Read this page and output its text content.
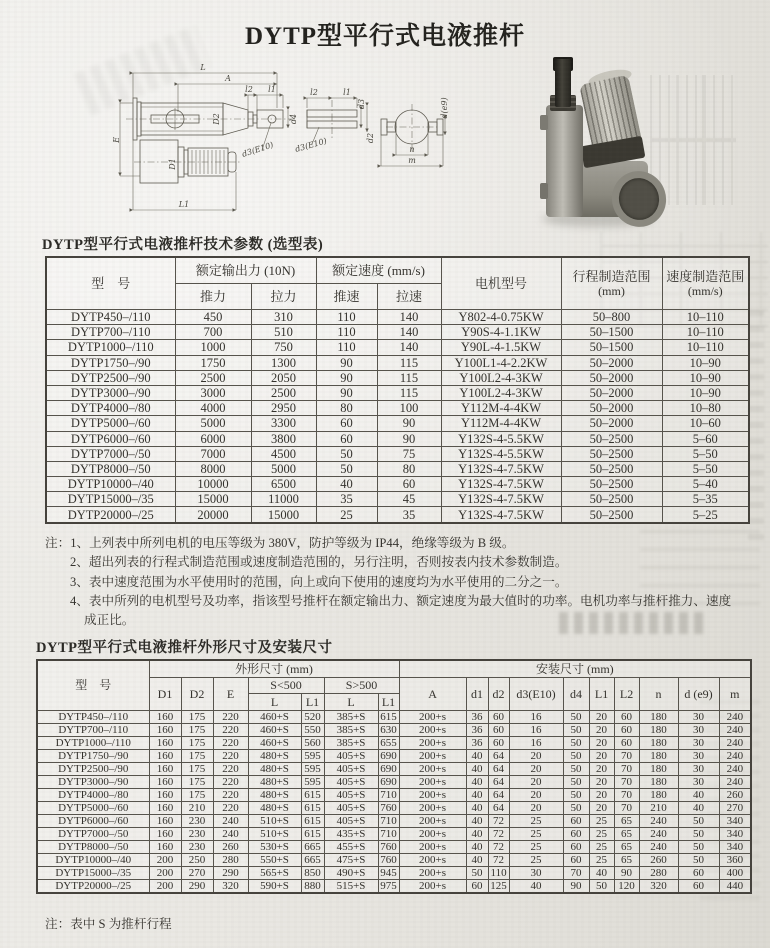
DYTP型平行式电液推杆
L
A
l2 l1
D2	d4
d3(E10)
E
D1
L1
l2	l1
d3
d2
d3(E10)
d(e9)
n
m
DYTP型平行式电液推杆技术参数 (选型表)
型　号	额定输出力 (10N)	额定速度 (mm/s)	电机型号	行程制造范围
(mm)

速度制造范围
(mm/s)

	推力	拉力	推速	拉速			
DYTP450–/110	450	310	110	140	Y802-4-0.75KW	50–800	10–110
DYTP700–/110	700	510	110	140	Y90S-4-1.1KW	50–1500	10–110
DYTP1000–/110	1000	750	110	140	Y90L-4-1.5KW	50–1500	10–110
DYTP1750–/90	1750	1300	90	115	Y100L1-4-2.2KW	50–2000	10–90
DYTP2500–/90	2500	2050	90	115	Y100L2-4-3KW	50–2000	10–90
DYTP3000–/90	3000	2500	90	115	Y100L2-4-3KW	50–2000	10–90
DYTP4000–/80	4000	2950	80	100	Y112M-4-4KW	50–2000	10–80
DYTP5000–/60	5000	3300	60	90	Y112M-4-4KW	50–2000	10–60
DYTP6000–/60	6000	3800	60	90	Y132S-4-5.5KW	50–2500	5–60
DYTP7000–/50	7000	4500	50	75	Y132S-4-5.5KW	50–2500	5–50
DYTP8000–/50	8000	5000	50	80	Y132S-4-7.5KW	50–2500	5–50
DYTP10000–/40	10000	6500	40	60	Y132S-4-7.5KW	50–2500	5–40
DYTP15000–/35	15000	11000	35	45	Y132S-4-7.5KW	50–2500	5–35
DYTP20000–/25	20000	15000	25	35	Y132S-4-7.5KW	50–2500	5–25
注： 1、上列表中所列电机的电压等级为 380V，防护等级为 IP44，绝缘等级为 B 级。
2、超出列表的行程式制造范围或速度制造范围的，另行注明，否则按表内技术参数制造。
3、表中速度范围为水平使用时的范围，向上或向下使用的速度均为水平使用的二分之一。
4、表中所列的电机型号及功率，指该型号推杆在额定输出力、额定速度为最大值时的功率。电机功率与推杆推力、速度成正比。
DYTP型平行式电液推杆外形尺寸及安装尺寸
型　号	外形尺寸 (mm)							安装尺寸 (mm)									
	D1	D2	E	S<500		S>500		A	d1	d2	d3(E10)	d4	L1	L2	n	d (e9)	m
				L	L1	L	L1										
DYTP450–/110	160	175	220	460+S	520	385+S	615	200+s	36	60	16	50	20	60	180	30	240
DYTP700–/110	160	175	220	460+S	550	385+S	630	200+s	36	60	16	50	20	60	180	30	240
DYTP1000–/110	160	175	220	460+S	560	385+S	655	200+s	36	60	16	50	20	60	180	30	240
DYTP1750–/90	160	175	220	480+S	595	405+S	690	200+s	40	64	20	50	20	70	180	30	240
DYTP2500–/90	160	175	220	480+S	595	405+S	690	200+s	40	64	20	50	20	70	180	30	240
DYTP3000–/90	160	175	220	480+S	595	405+S	690	200+s	40	64	20	50	20	70	180	30	240
DYTP4000–/80	160	175	220	480+S	615	405+S	710	200+s	40	64	20	50	20	70	180	40	260
DYTP5000–/60	160	210	220	480+S	615	405+S	760	200+s	40	64	20	50	20	70	210	40	270
DYTP6000–/60	160	230	240	510+S	615	405+S	710	200+s	40	72	25	60	25	65	240	50	340
DYTP7000–/50	160	230	240	510+S	615	435+S	710	200+s	40	72	25	60	25	65	240	50	340
DYTP8000–/50	160	230	260	530+S	665	455+S	760	200+s	40	72	25	60	25	65	240	50	340
DYTP10000–/40	200	250	280	550+S	665	475+S	760	200+s	40	72	25	60	25	65	260	50	360
DYTP15000–/35	200	270	290	565+S	850	490+S	945	200+s	50	110	30	70	40	90	280	60	400
DYTP20000–/25	200	290	320	590+S	880	515+S	975	200+s	60	125	40	90	50	120	320	60	440
注：表中 S 为推杆行程
